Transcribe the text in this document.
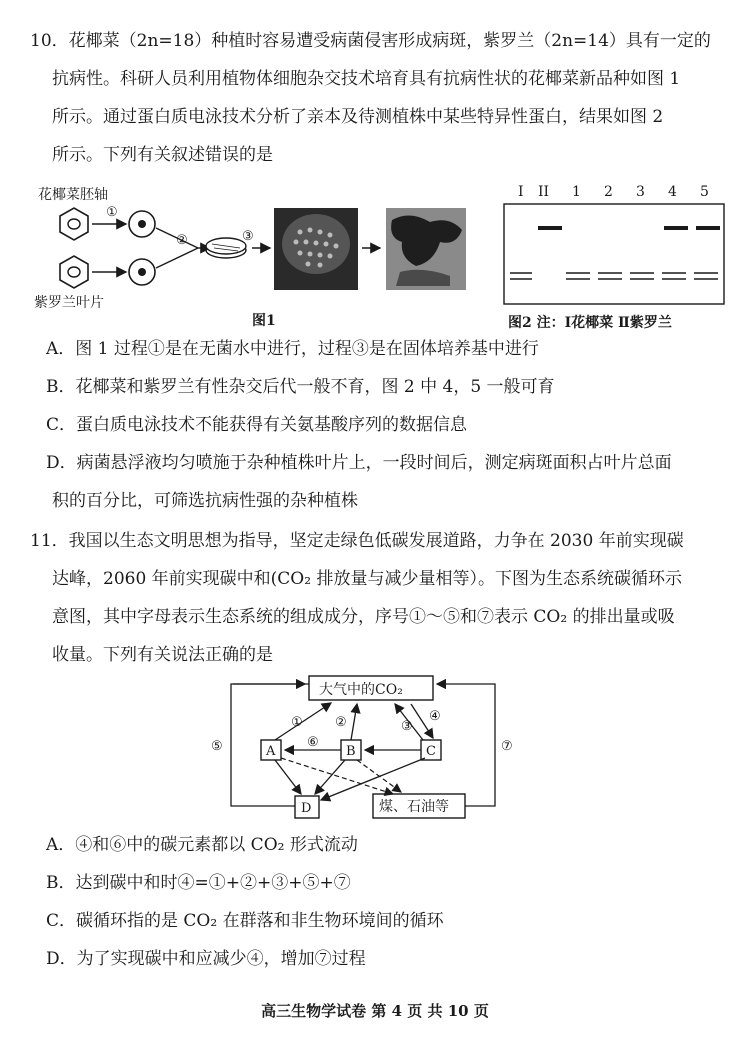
10．花椰菜（2n=18）种植时容易遭受病菌侵害形成病斑，紫罗兰（2n=14）具有一定的
抗病性。科研人员利用植物体细胞杂交技术培育具有抗病性状的花椰菜新品种如图 1
所示。通过蛋白质电泳技术分析了亲本及待测植株中某些特异性蛋白，结果如图 2
所示。下列有关叙述错误的是
花椰菜胚轴
紫罗兰叶片
①
②	③
图1
I II 1 2 3 4 5
图2 注：Ⅰ花椰菜 Ⅱ紫罗兰
A．图 1 过程①是在无菌水中进行，过程③是在固体培养基中进行
B．花椰菜和紫罗兰有性杂交后代一般不育，图 2 中 4，5 一般可育
C．蛋白质电泳技术不能获得有关氨基酸序列的数据信息
D．病菌悬浮液均匀喷施于杂种植株叶片上，一段时间后，测定病斑面积占叶片总面
积的百分比，可筛选抗病性强的杂种植株
11．我国以生态文明思想为指导，坚定走绿色低碳发展道路，力争在 2030 年前实现碳
达峰，2060 年前实现碳中和(CO₂ 排放量与减少量相等）。下图为生态系统碳循环示
意图，其中字母表示生态系统的组成成分，序号①～⑤和⑦表示 CO₂ 的排出量或吸
收量。下列有关说法正确的是
大气中的CO₂
A	B	C
D	煤、石油等
① ②	③
④
⑤	⑥	⑦
A．④和⑥中的碳元素都以 CO₂ 形式流动
B．达到碳中和时④=①+②+③+⑤+⑦
C．碳循环指的是 CO₂ 在群落和非生物环境间的循环
D．为了实现碳中和应减少④，增加⑦过程
高三生物学试卷 第 4 页 共 10 页
